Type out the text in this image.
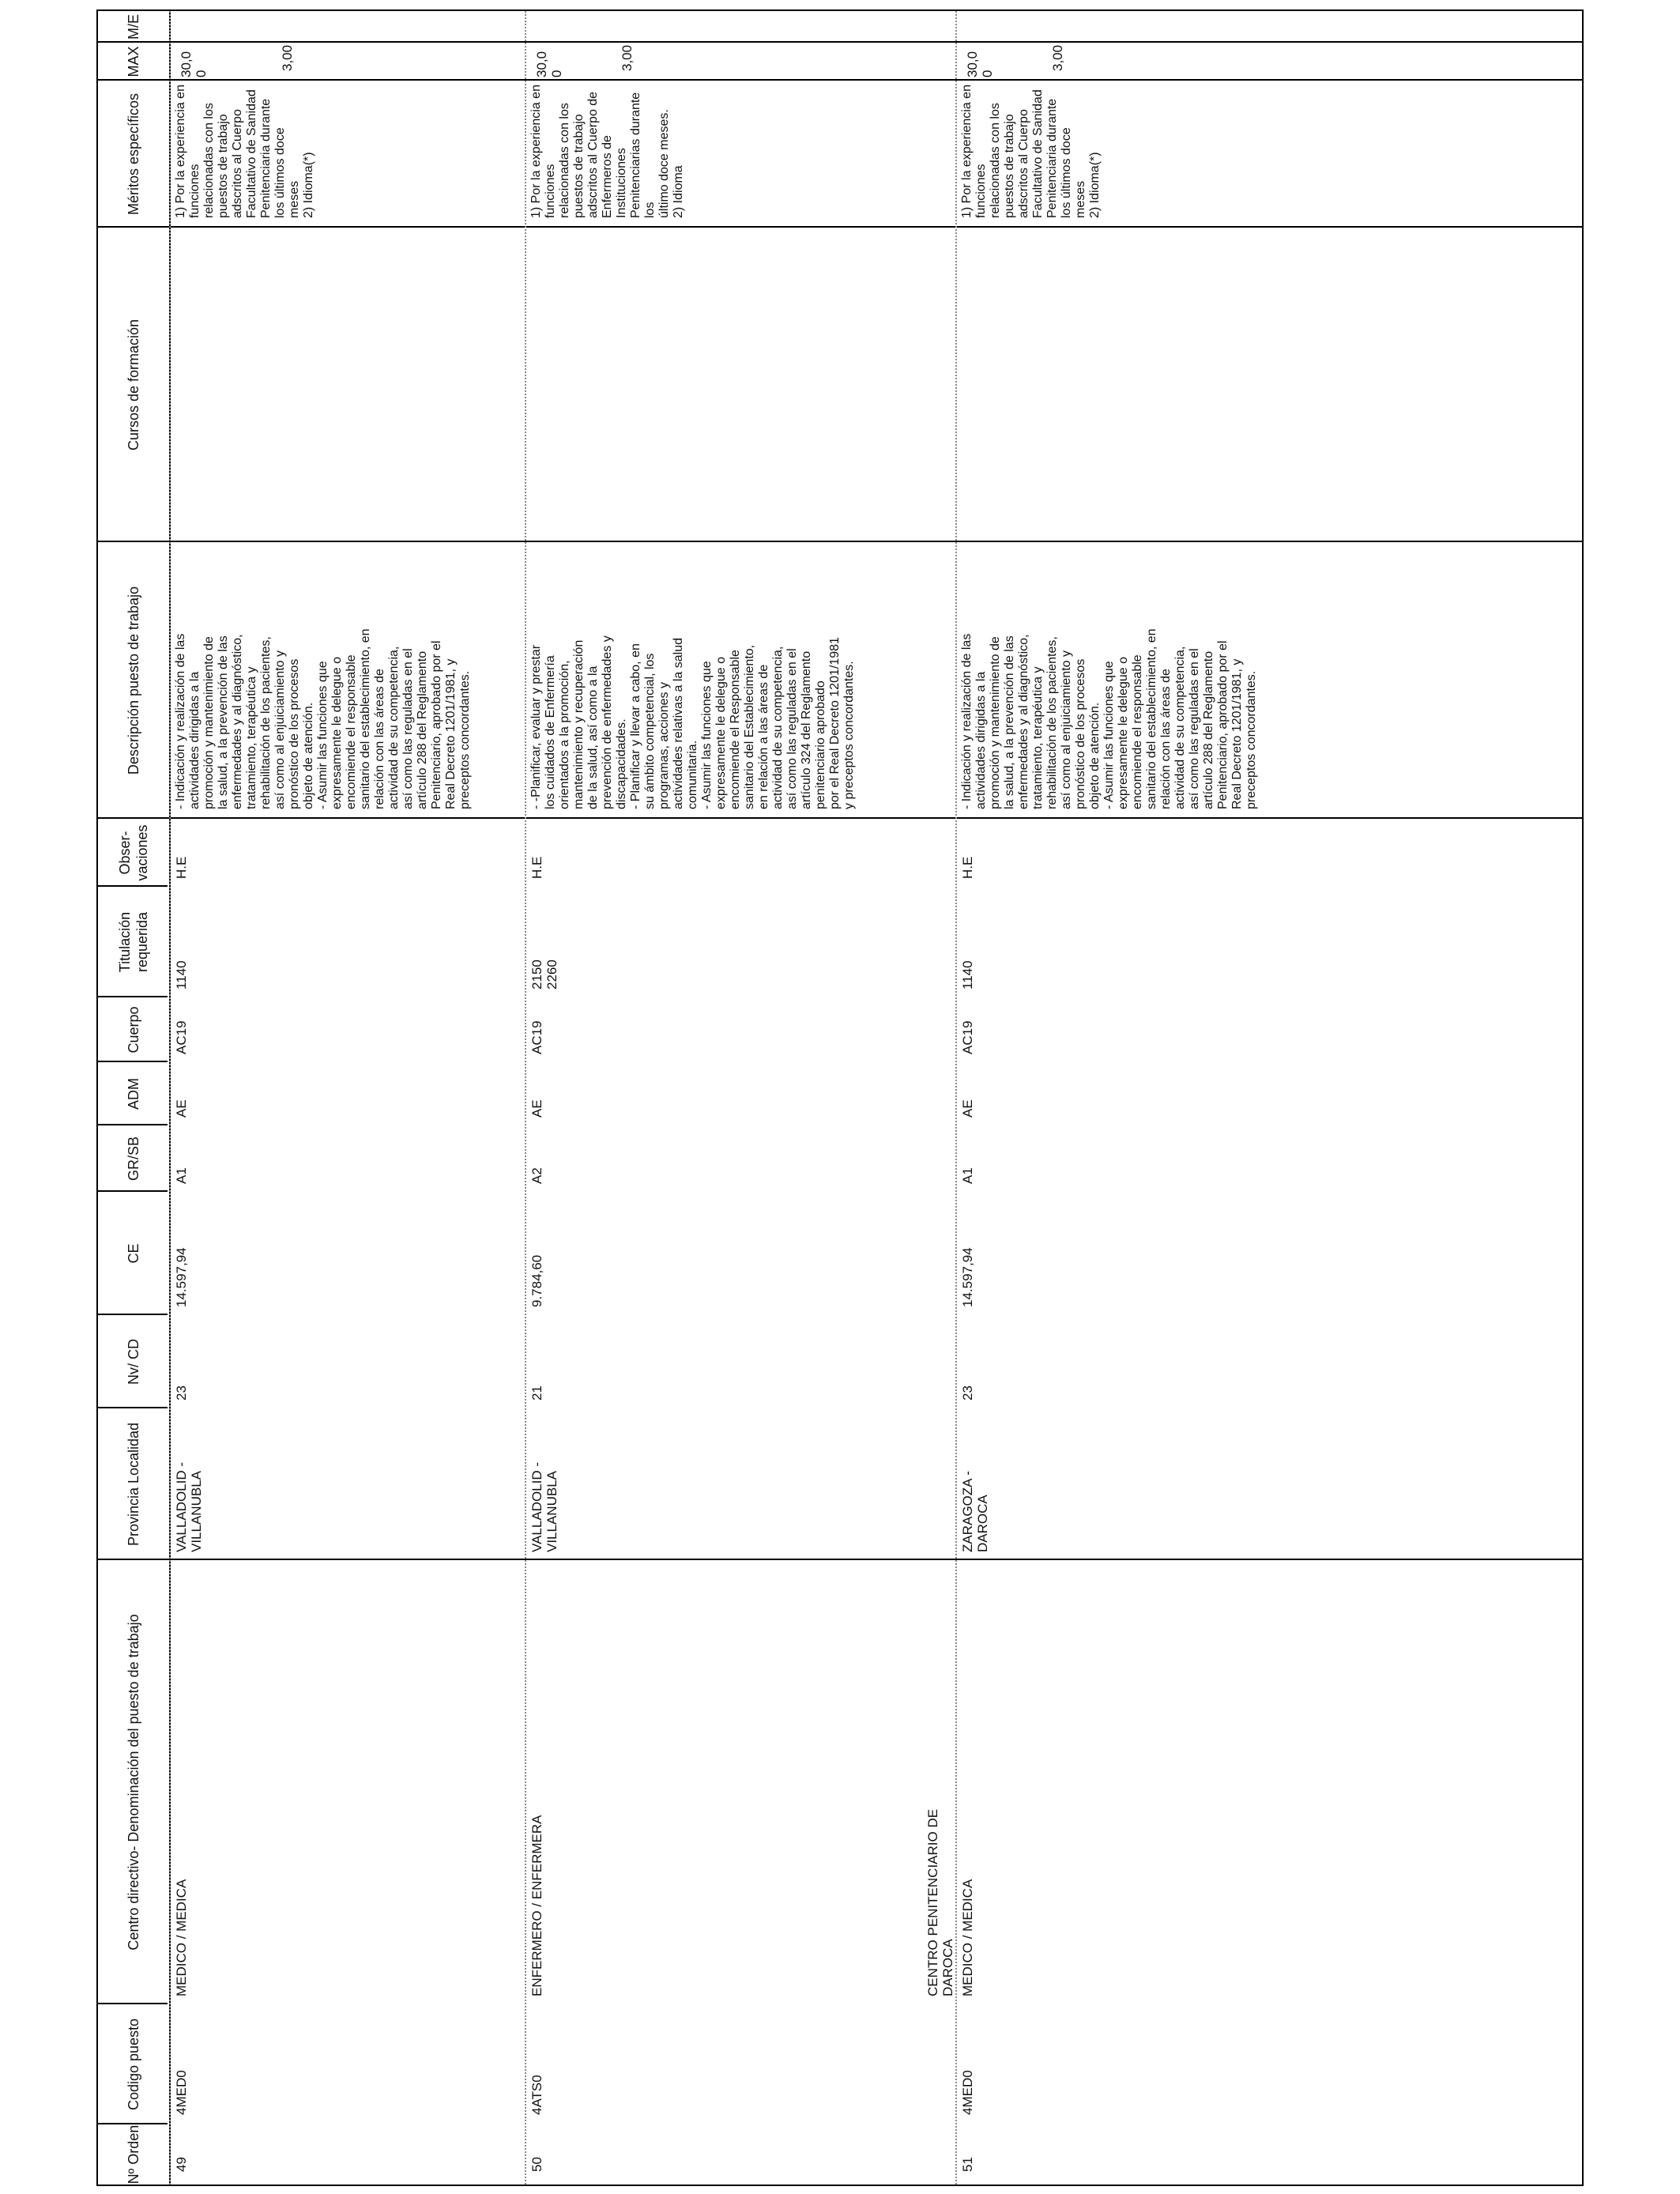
Nº Orden
Codigo puesto
Centro directivo- Denominación del puesto de trabajo
Provincia Localidad
Nv/ CD
CE
GR/SB
ADM
Cuerpo
Titulación requerida
Obser- vaciones
Descripción puesto de trabajo
Cursos de formación
Méritos específicos
MAX
M/E
49
4MED0
MEDICO / MEDICA
VALLADOLID -
VILLANUBLA
23
14.597,94
A1
AE
AC19
1140
H.E
- Indicación y realización de las
actividades dirigidas a la
promoción y mantenimiento de
la salud, a la prevención de las
enfermedades y al diagnóstico,
tratamiento, terapéutica y
rehabilitación de los pacientes,
así como al enjuiciamiento y
pronóstico de los procesos
objeto de atención.
- Asumir las funciones que
expresamente le delegue o
encomiende el responsable
sanitario del establecimiento, en
relación con las áreas de
actividad de su competencia,
así como las reguladas en el
artículo 288 del Reglamento
Penitenciario, aprobado por el
Real Decreto 1201/1981, y
preceptos concordantes.
1) Por la experiencia en funciones
relacionadas con los puestos de trabajo
adscritos al Cuerpo Facultativo de Sanidad
Penitenciaria durante los últimos doce
meses
2) Idioma(*)
30,0
0
3,00
50
4ATS0
ENFERMERO / ENFERMERA
VALLADOLID -
VILLANUBLA
21
9.784,60
A2
AE
AC19
2150
2260
H.E
- -Planificar, evaluar y prestar
los cuidados de Enfermería
orientados a la promoción,
mantenimiento y recuperación
de la salud, así como a la
prevención de enfermedades y
discapacidades.
- Planificar y llevar a cabo, en
su ámbito competencial, los
programas, acciones y
actividades relativas a la salud
comunitaria.
- Asumir las funciones que
expresamente le delegue o
encomiende el Responsable
sanitario del Establecimiento,
en relación a las áreas de
actividad de su competencia,
así como las reguladas en el
artículo 324 del Reglamento
penitenciario aprobado
por el Real Decreto 1201/1981
y preceptos concordantes.
1) Por la experiencia en funciones
relacionadas con los puestos de trabajo
adscritos al Cuerpo de Enfermeros de
Instituciones Penitenciarias durante los
último doce meses.
2) Idioma
30,0
0
3,00
51
4MED0
CENTRO PENITENCIARIO DE
DAROCA MEDICO / MEDICA
ZARAGOZA -
DAROCA
23
14.597,94
A1
AE
AC19
1140
H.E
- Indicación y realización de las
actividades dirigidas a la
promoción y mantenimiento de
la salud, a la prevención de las
enfermedades y al diagnóstico,
tratamiento, terapéutica y
rehabilitación de los pacientes,
así como al enjuiciamiento y
pronóstico de los procesos
objeto de atención.
- Asumir las funciones que
expresamente le delegue o
encomiende el responsable
sanitario del establecimiento, en
relación con las áreas de
actividad de su competencia,
así como las reguladas en el
artículo 288 del Reglamento
Penitenciario, aprobado por el
Real Decreto 1201/1981, y
preceptos concordantes.
1) Por la experiencia en funciones
relacionadas con los puestos de trabajo
adscritos al Cuerpo Facultativo de Sanidad
Penitenciaria durante los últimos doce
meses
2) Idioma(*)
30,0
0
3,00
